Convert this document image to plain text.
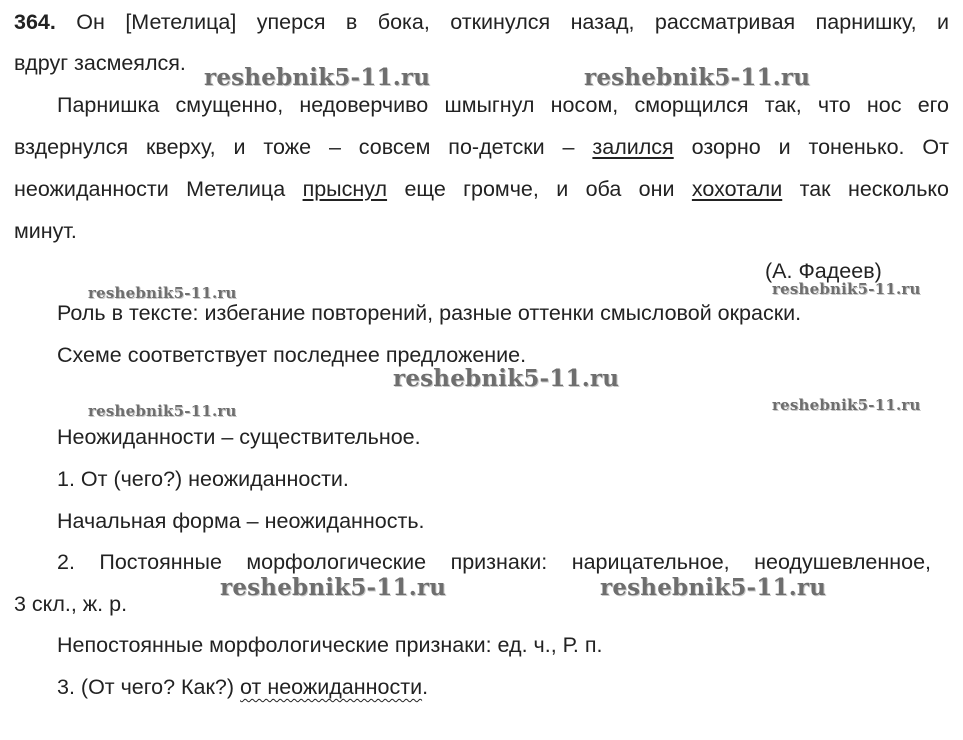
364. Он [Метелица] уперся в бока, откинулся назад, рассматривая парнишку, и
вдруг засмеялся.
Парнишка смущенно, недоверчиво шмыгнул носом, сморщился так, что нос его
вздернулся кверху, и тоже – совсем по-детски – залился озорно и тоненько. От
неожиданности Метелица прыснул еще громче, и оба они хохотали так несколько
минут.
(А. Фадеев)
Роль в тексте: избегание повторений, разные оттенки смысловой окраски.
Схеме соответствует последнее предложение.
Неожиданности – существительное.
1. От (чего?) неожиданности.
Начальная форма – неожиданность.
2. Постоянные морфологические признаки: нарицательное, неодушевленное,
3 скл., ж. р.
Непостоянные морфологические признаки: ед. ч., Р. п.
3. (От чего? Как?) от неожиданности.
reshebnik5-11.ru	reshebnik5-11.ru
reshebnik5-11.ru	reshebnik5-11.ru
reshebnik5-11.ru
reshebnik5-11.ru	reshebnik5-11.ru
reshebnik5-11.ru	reshebnik5-11.ru
